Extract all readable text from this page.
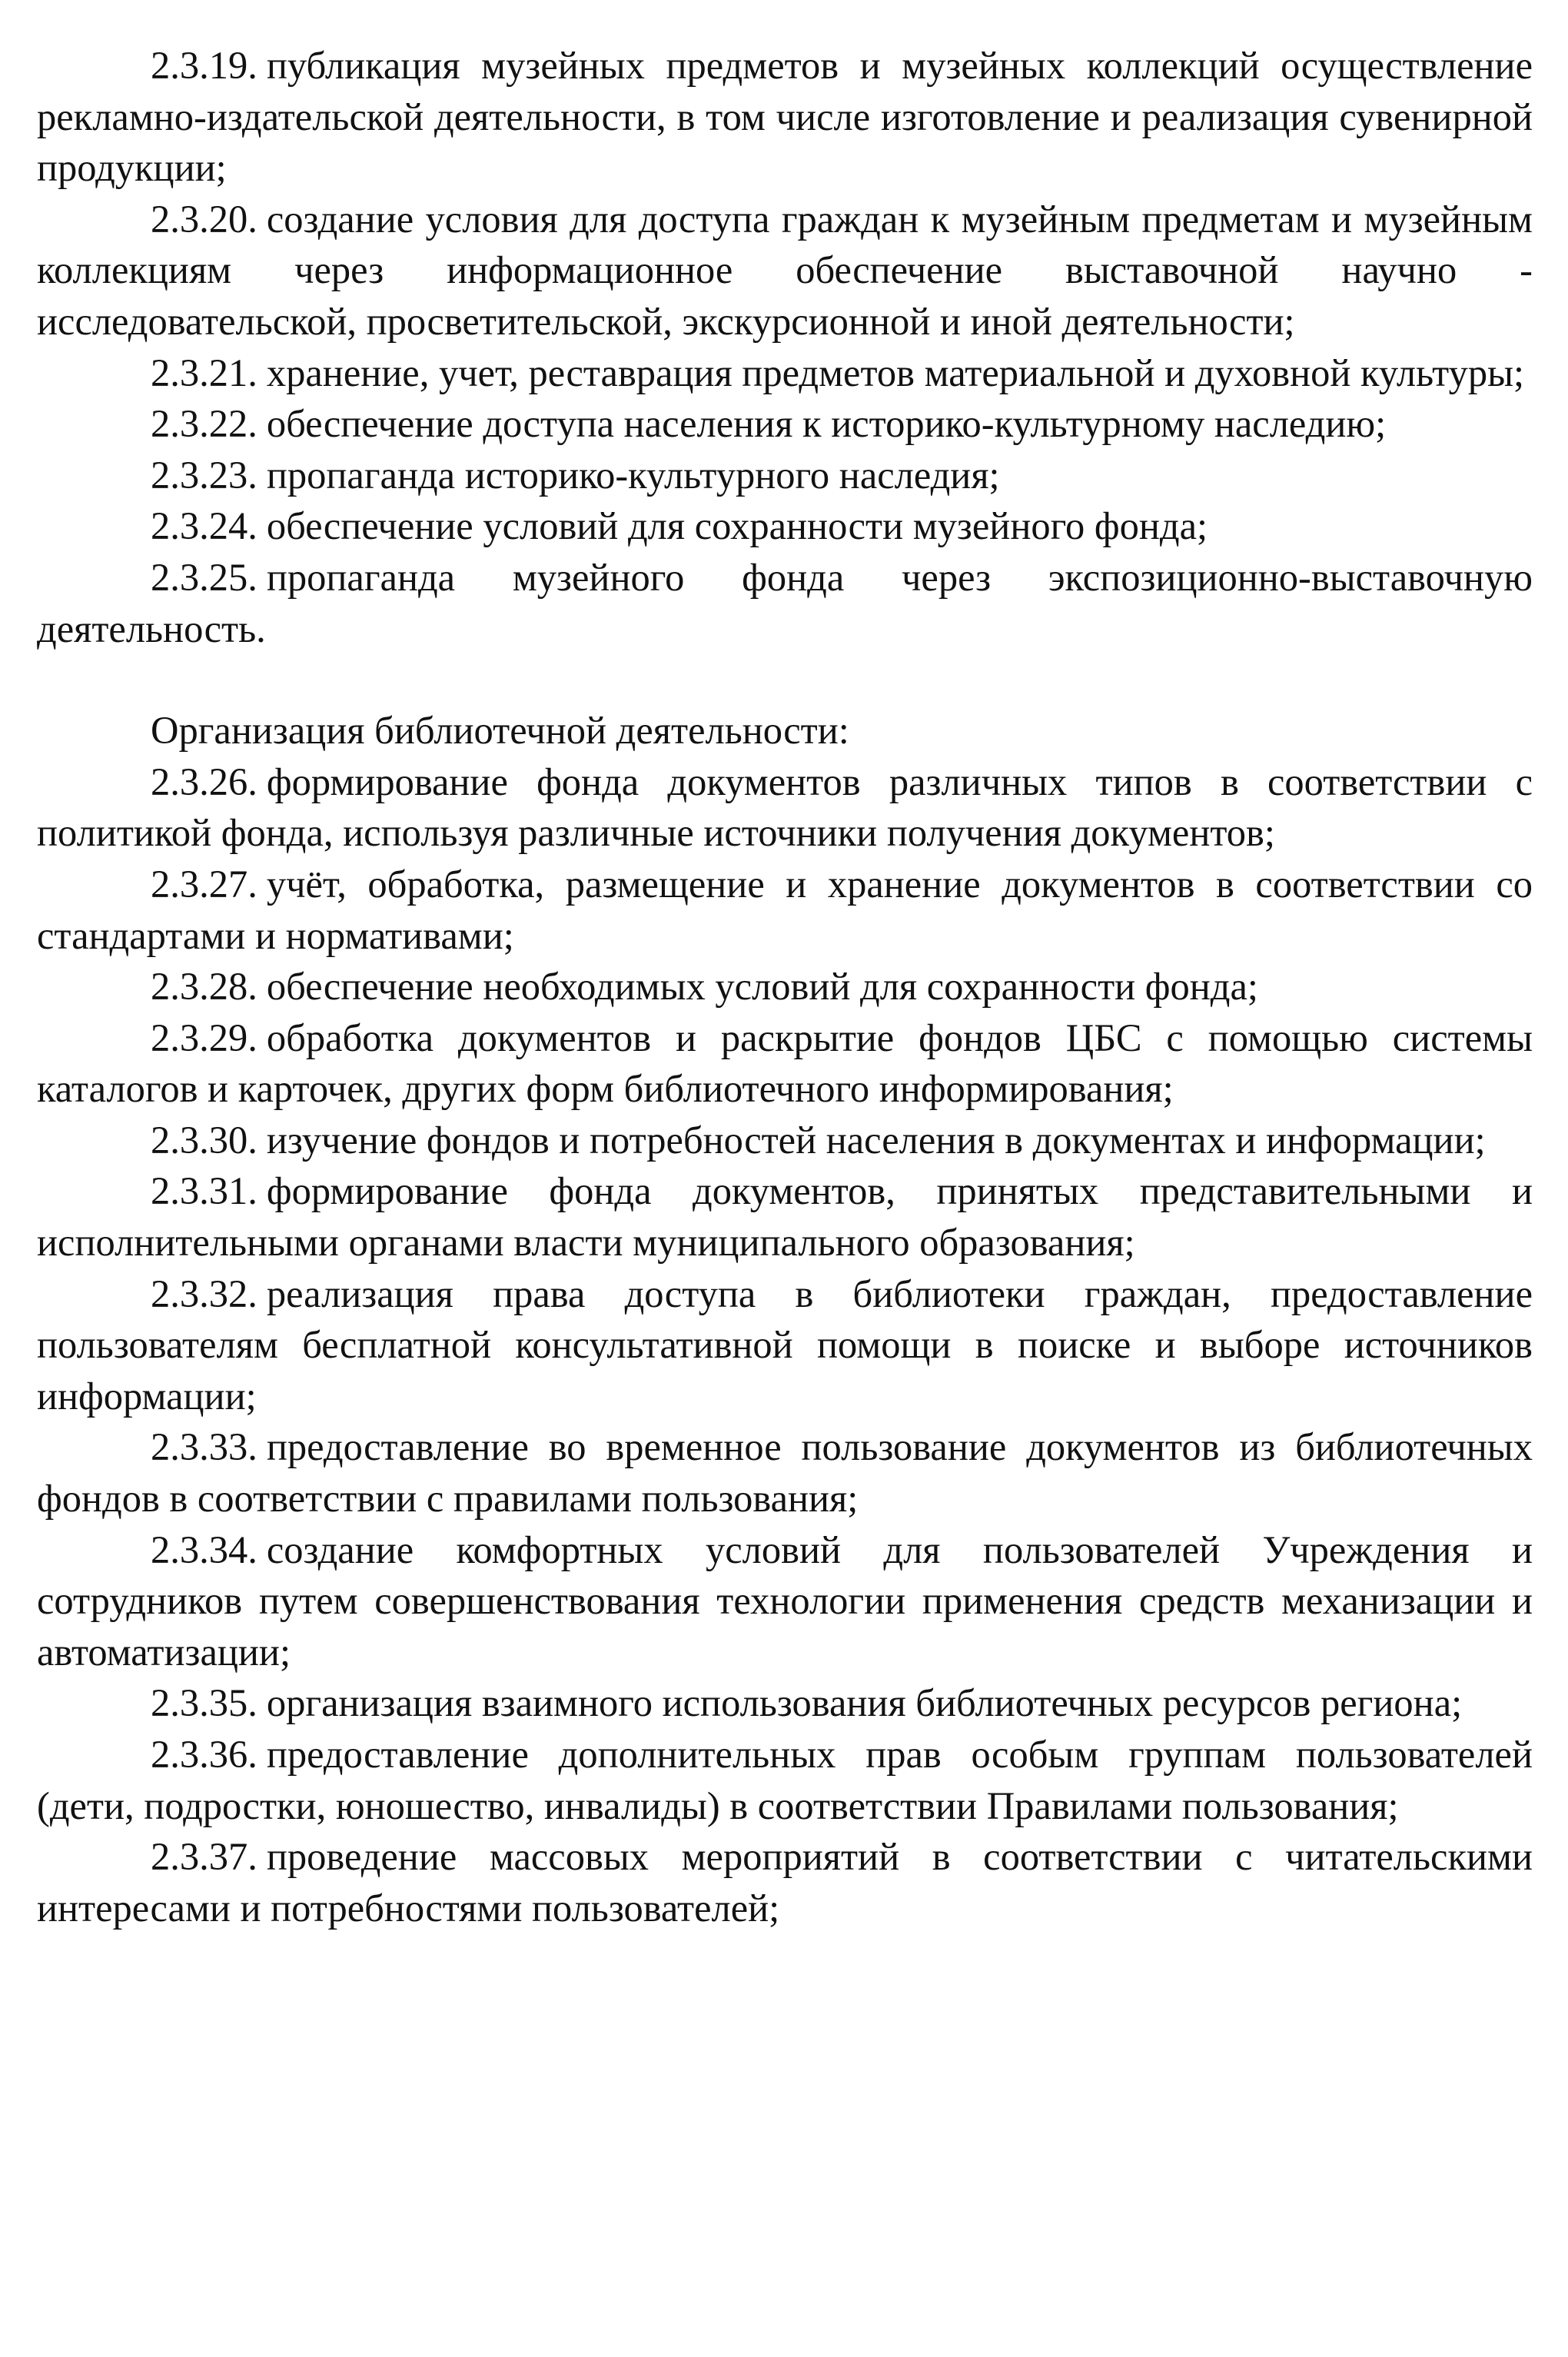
2.3.19. публикация музейных предметов и музейных коллекций осуществление рекламно-издательской деятельности, в том числе изготовление и реализация сувенирной продукции;

2.3.20. создание условия для доступа граждан к музейным предметам и музейным коллекциям через информационное обеспечение выставочной научно - исследовательской, просветительской, экскурсионной и иной деятельности;

2.3.21. хранение, учет, реставрация предметов материальной и духовной культуры;

2.3.22. обеспечение доступа населения к историко-культурному наследию;

2.3.23. пропаганда историко-культурного наследия;

2.3.24. обеспечение условий для сохранности музейного фонда;

2.3.25. пропаганда музейного фонда через экспозиционно-выставочную деятельность.

Организация библиотечной деятельности:

2.3.26. формирование фонда документов различных типов в соответствии с политикой фонда, используя различные источники получения документов;

2.3.27. учёт, обработка, размещение и хранение документов в соответствии со стандартами и нормативами;

2.3.28. обеспечение необходимых условий для сохранности фонда;

2.3.29. обработка документов и раскрытие фондов ЦБС с помощью системы каталогов и карточек, других форм библиотечного информирования;

2.3.30. изучение фондов и потребностей населения в документах и информации;

2.3.31. формирование фонда документов, принятых представительными и исполнительными органами власти муниципального образования;

2.3.32. реализация права доступа в библиотеки граждан, предоставление пользователям бесплатной консультативной помощи в поиске и выборе источников информации;

2.3.33. предоставление во временное пользование документов из библиотечных фондов в соответствии с правилами пользования;

2.3.34. создание комфортных условий для пользователей Учреждения и сотрудников путем совершенствования технологии применения средств механизации и автоматизации;

2.3.35. организация взаимного использования библиотечных ресурсов региона;

2.3.36. предоставление дополнительных прав особым группам пользователей (дети, подростки, юношество, инвалиды) в соответствии Правилами пользования;

2.3.37. проведение массовых мероприятий в соответствии с читательскими интересами и потребностями пользователей;
